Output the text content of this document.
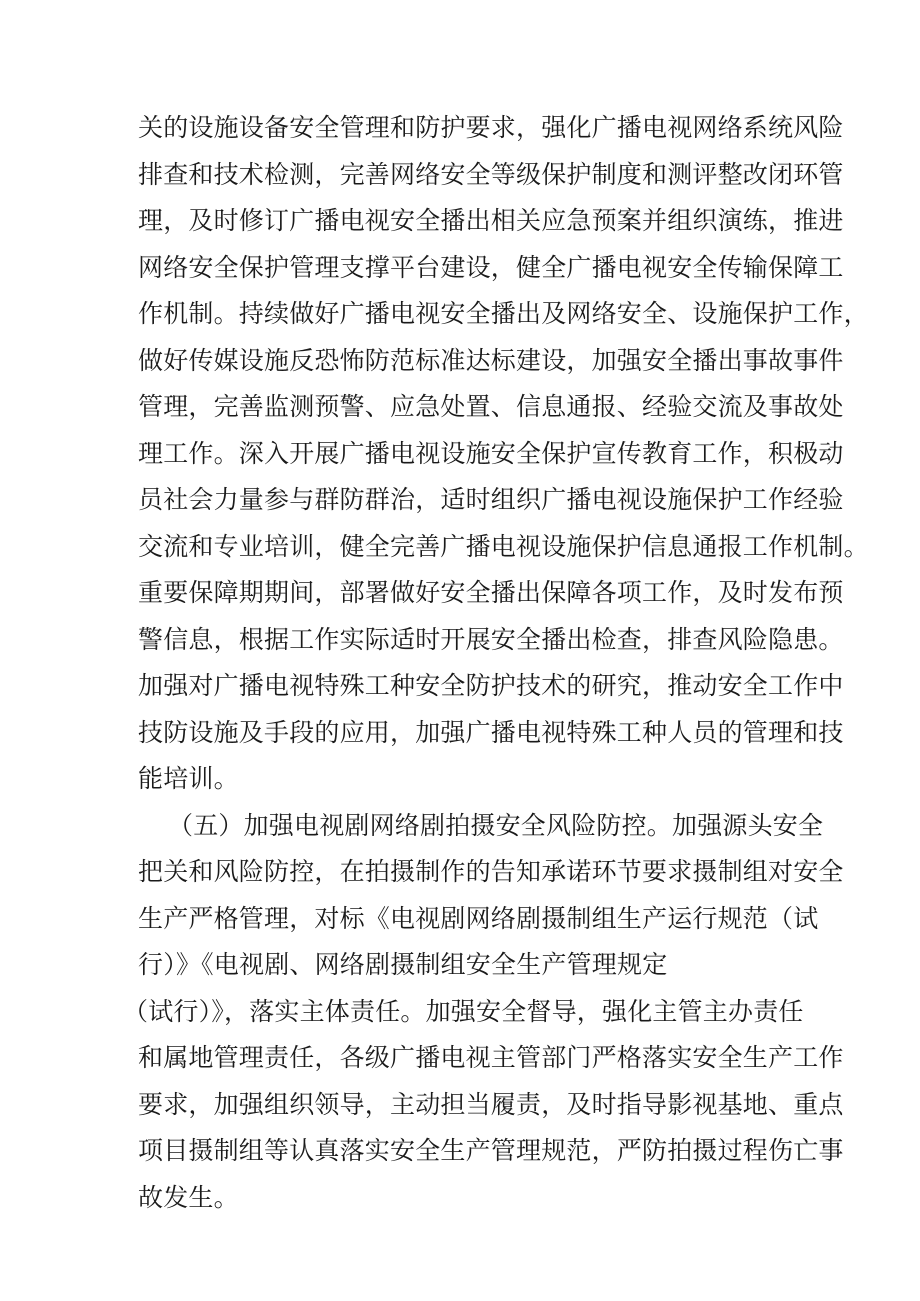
关的设施设备安全管理和防护要求，强化广播电视网络系统风险
排查和技术检测，完善网络安全等级保护制度和测评整改闭环管
理，及时修订广播电视安全播出相关应急预案并组织演练，推进
网络安全保护管理支撑平台建设，健全广播电视安全传输保障工
作机制。持续做好广播电视安全播出及网络安全、设施保护工作，
做好传媒设施反恐怖防范标准达标建设，加强安全播出事故事件
管理，完善监测预警、应急处置、信息通报、经验交流及事故处
理工作。深入开展广播电视设施安全保护宣传教育工作，积极动
员社会力量参与群防群治，适时组织广播电视设施保护工作经验
交流和专业培训，健全完善广播电视设施保护信息通报工作机制。
重要保障期期间，部署做好安全播出保障各项工作，及时发布预
警信息，根据工作实际适时开展安全播出检查，排查风险隐患。
加强对广播电视特殊工种安全防护技术的研究，推动安全工作中
技防设施及手段的应用，加强广播电视特殊工种人员的管理和技
能培训。
（五）加强电视剧网络剧拍摄安全风险防控。加强源头安全
把关和风险防控，在拍摄制作的告知承诺环节要求摄制组对安全
生产严格管理，对标《电视剧网络剧摄制组生产运行规范（试
行）》《电视剧、网络剧摄制组安全生产管理规定
（试行）》，落实主体责任。加强安全督导，强化主管主办责任
和属地管理责任，各级广播电视主管部门严格落实安全生产工作
要求，加强组织领导，主动担当履责，及时指导影视基地、重点
项目摄制组等认真落实安全生产管理规范，严防拍摄过程伤亡事
故发生。
